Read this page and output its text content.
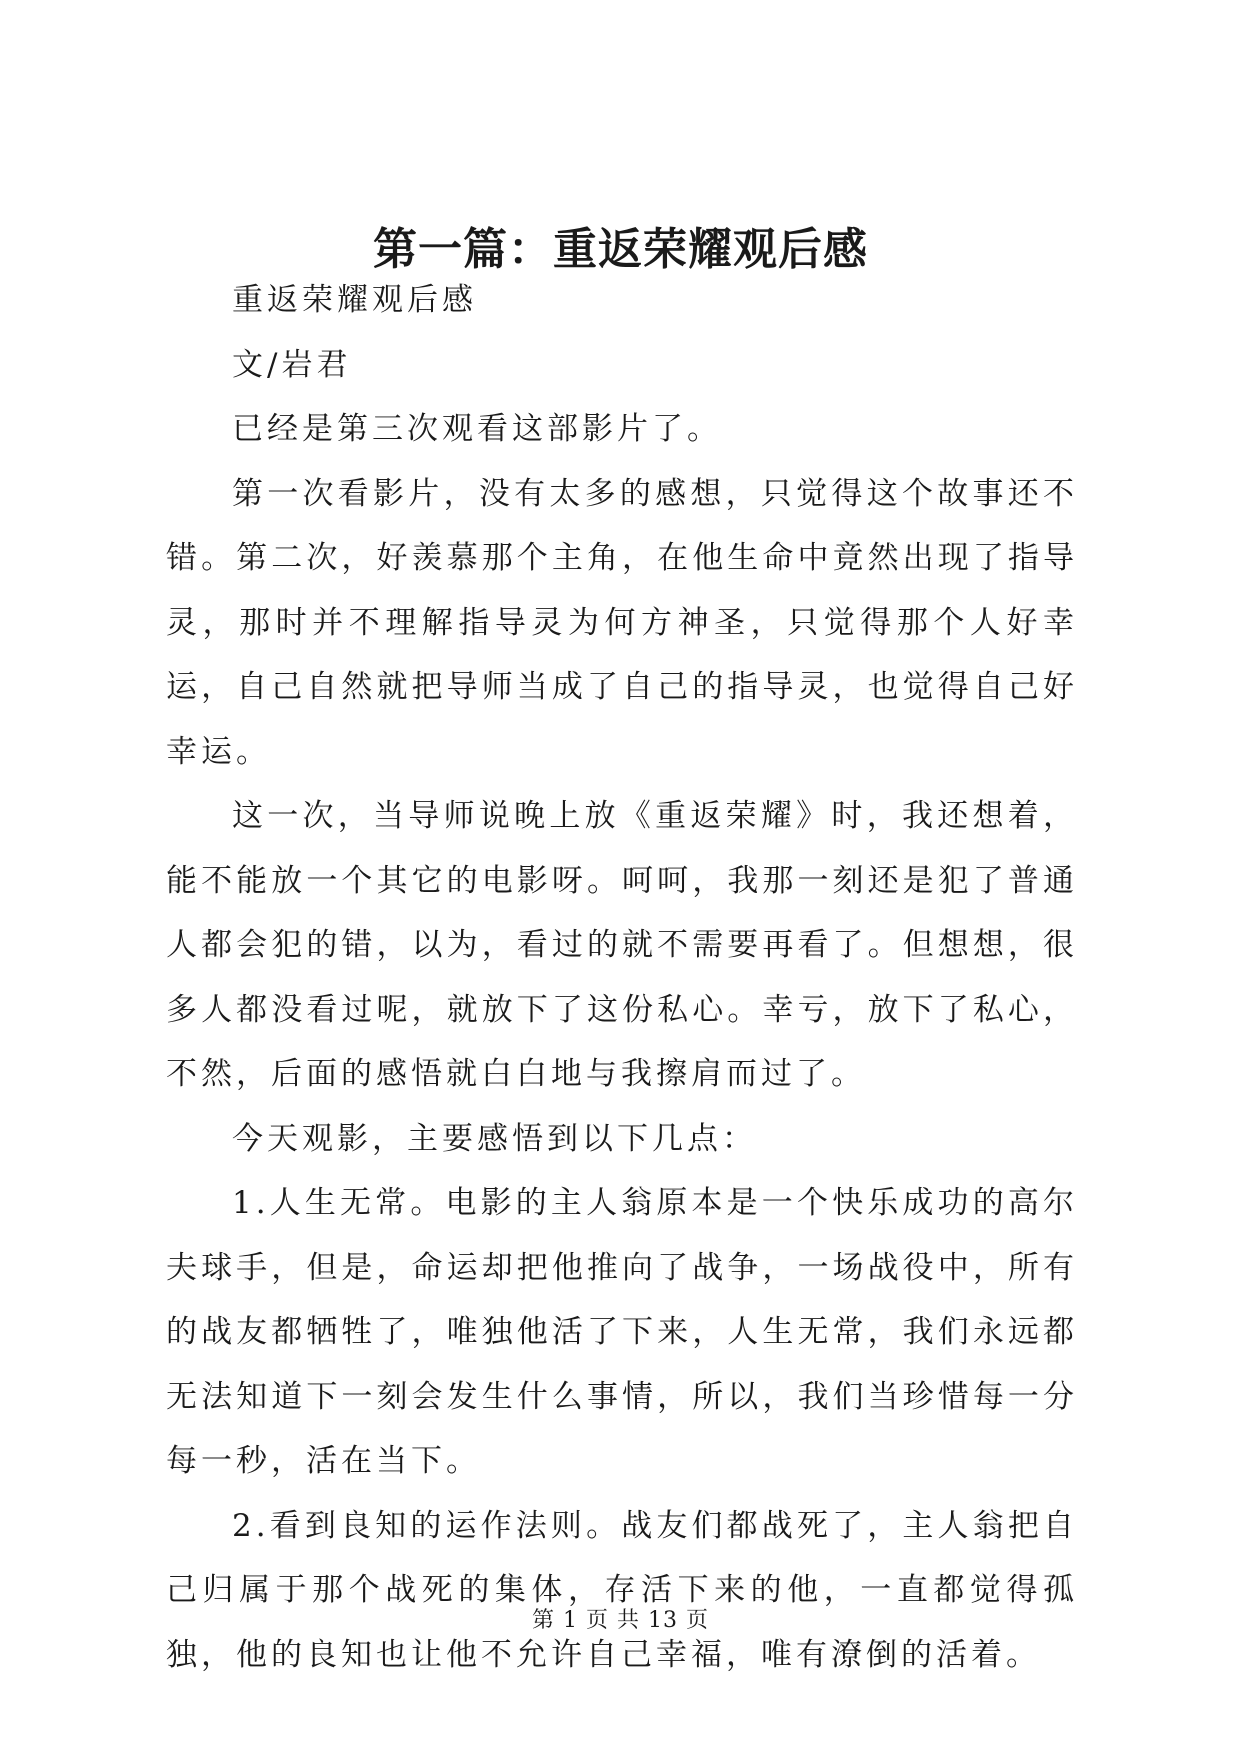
第一篇：重返荣耀观后感

重返荣耀观后感

文/岩君

已经是第三次观看这部影片了。

第一次看影片，没有太多的感想，只觉得这个故事还不错。第二次，好羡慕那个主角，在他生命中竟然出现了指导灵，那时并不理解指导灵为何方神圣，只觉得那个人好幸运，自己自然就把导师当成了自己的指导灵，也觉得自己好幸运。

这一次，当导师说晚上放《重返荣耀》时，我还想着，能不能放一个其它的电影呀。呵呵，我那一刻还是犯了普通人都会犯的错，以为，看过的就不需要再看了。但想想，很多人都没看过呢，就放下了这份私心。幸亏，放下了私心，不然，后面的感悟就白白地与我擦肩而过了。

今天观影，主要感悟到以下几点：

1.人生无常。电影的主人翁原本是一个快乐成功的高尔夫球手，但是，命运却把他推向了战争，一场战役中，所有的战友都牺牲了，唯独他活了下来，人生无常，我们永远都无法知道下一刻会发生什么事情，所以，我们当珍惜每一分每一秒，活在当下。

2.看到良知的运作法则。战友们都战死了，主人翁把自己归属于那个战死的集体，存活下来的他，一直都觉得孤独，他的良知也让他不允许自己幸福，唯有潦倒的活着。

第 1 页 共 13 页
